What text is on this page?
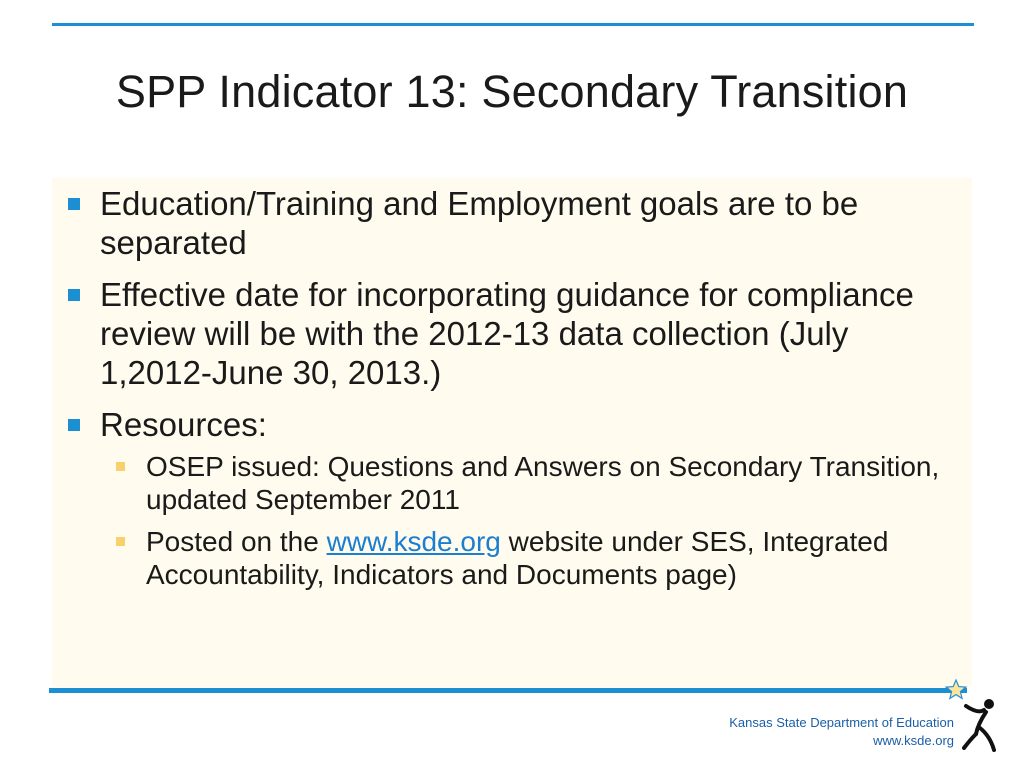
SPP Indicator 13: Secondary Transition
Education/Training and Employment goals are to be separated
Effective date for incorporating guidance for compliance review will be with the 2012-13 data collection (July 1,2012-June 30, 2013.)
Resources:
OSEP issued: Questions and Answers on Secondary Transition, updated September 2011
Posted on the www.ksde.org website under SES, Integrated Accountability, Indicators and Documents page)
Kansas State Department of Education
www.ksde.org
